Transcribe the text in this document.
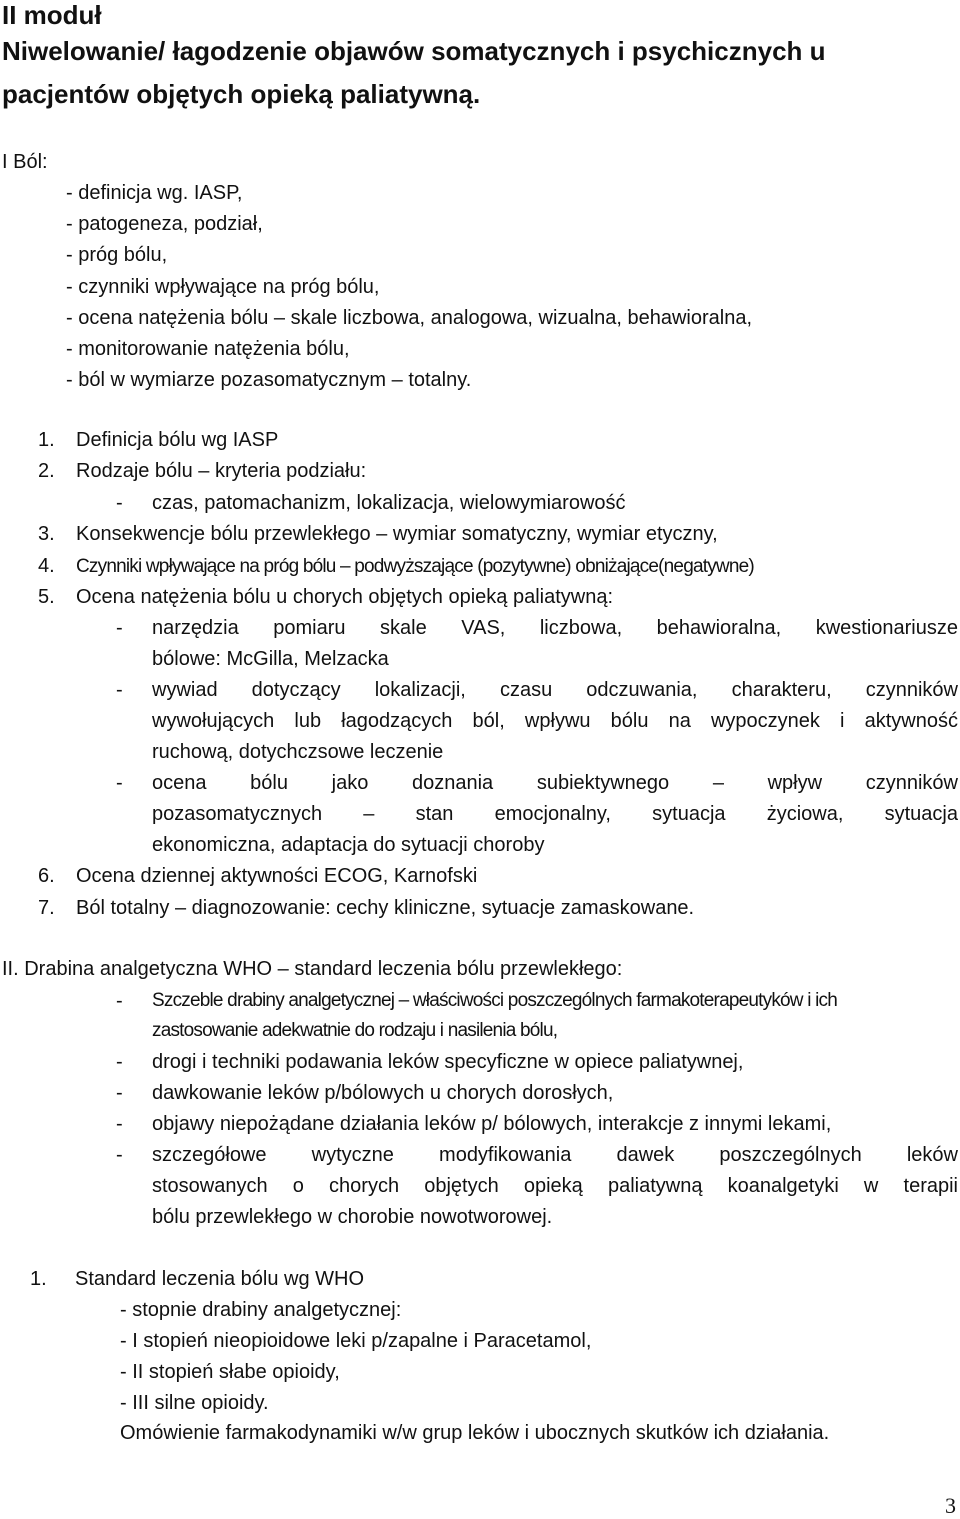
II moduł
Niwelowanie/ łagodzenie objawów somatycznych i psychicznych u
pacjentów objętych opieką paliatywną.
I Ból:
- definicja wg. IASP,
- patogeneza, podział,
- próg bólu,
- czynniki wpływające na próg bólu,
- ocena natężenia bólu – skale liczbowa, analogowa, wizualna, behawioralna,
- monitorowanie natężenia bólu,
- ból w wymiarze pozasomatycznym – totalny.
1. Definicja bólu wg IASP
2. Rodzaje bólu – kryteria podziału:
- czas, patomachanizm, lokalizacja, wielowymiarowość
3. Konsekwencje bólu przewlekłego – wymiar somatyczny, wymiar etyczny,
4. Czynniki wpływające na próg bólu – podwyższające (pozytywne) obniżające(negatywne)
5. Ocena natężenia bólu u chorych objętych opieką paliatywną:
- narzędzia pomiaru skale VAS, liczbowa, behawioralna, kwestionariusze
bólowe: McGilla, Melzacka
- wywiad dotyczący lokalizacji, czasu odczuwania, charakteru, czynników
wywołujących lub łagodzących ból, wpływu bólu na wypoczynek i aktywność
ruchową, dotychczsowe leczenie
- ocena bólu jako doznania subiektywnego – wpływ czynników
pozasomatycznych – stan emocjonalny, sytuacja życiowa, sytuacja
ekonomiczna, adaptacja do sytuacji choroby
6. Ocena dziennej aktywności ECOG, Karnofski
7. Ból totalny – diagnozowanie: cechy kliniczne, sytuacje zamaskowane.
II. Drabina analgetyczna WHO – standard leczenia bólu przewlekłego:
- Szczeble drabiny analgetycznej – właściwości poszczególnych farmakoterapeutyków i ich
zastosowanie adekwatnie do rodzaju i nasilenia bólu,
- drogi i techniki podawania leków specyficzne w opiece paliatywnej,
- dawkowanie leków p/bólowych u chorych dorosłych,
- objawy niepożądane działania leków p/ bólowych, interakcje z innymi lekami,
- szczegółowe wytyczne modyfikowania dawek poszczególnych leków
stosowanych o chorych objętych opieką paliatywną koanalgetyki w terapii
bólu przewlekłego w chorobie nowotworowej.
1. Standard leczenia bólu wg WHO
- stopnie drabiny analgetycznej:
- I stopień nieopioidowe leki p/zapalne i Paracetamol,
- II stopień słabe opioidy,
- III silne opioidy.
Omówienie farmakodynamiki w/w grup leków i ubocznych skutków ich działania.
3
